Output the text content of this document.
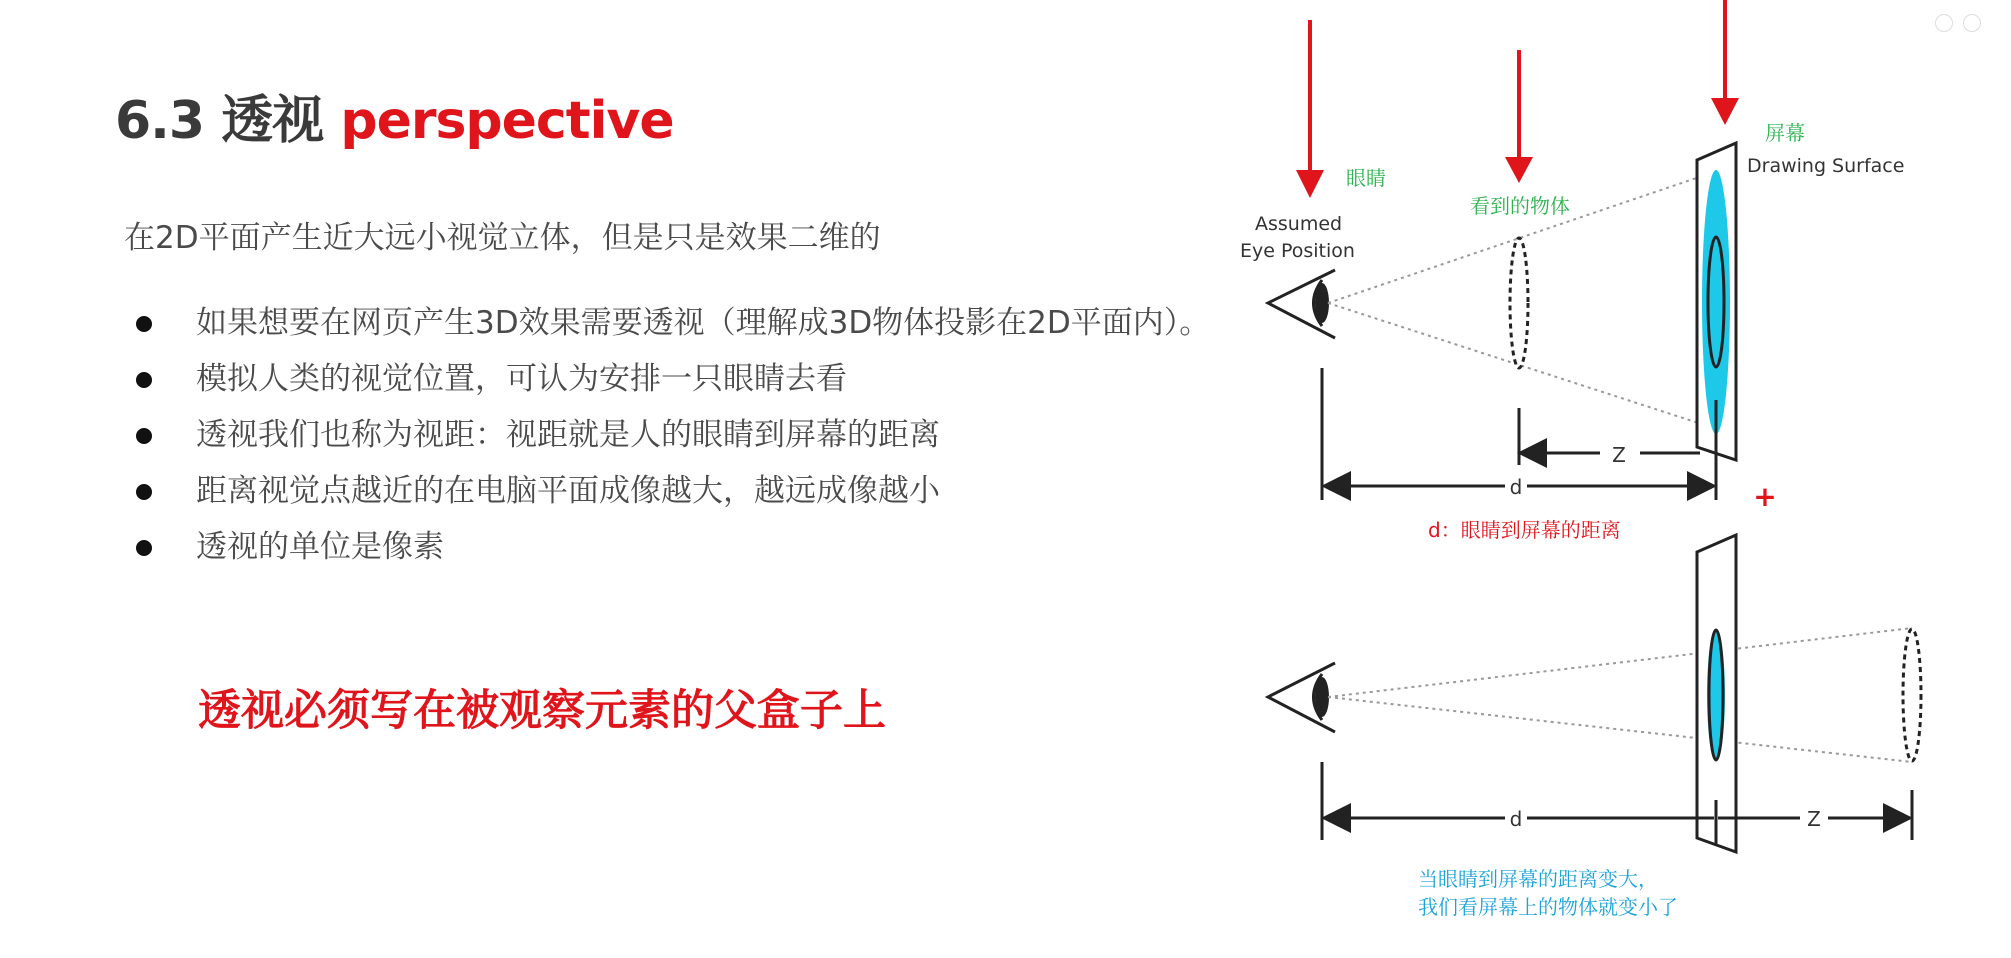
6.3 透视 perspective
在2D平面产生近大远小视觉立体，但是只是效果二维的
如果想要在网页产生3D效果需要透视（理解成3D物体投影在2D平面内）。
模拟人类的视觉位置，可认为安排一只眼睛去看
透视我们也称为视距：视距就是人的眼睛到屏幕的距离
距离视觉点越近的在电脑平面成像越大，越远成像越小
透视的单位是像素
透视必须写在被观察元素的父盒子上
Z
d
眼睛
看到的物体
屏幕
Drawing Surface
Assumed
Eye Position
+
d：眼睛到屏幕的距离
d	Z
当眼睛到屏幕的距离变大，
我们看屏幕上的物体就变小了
